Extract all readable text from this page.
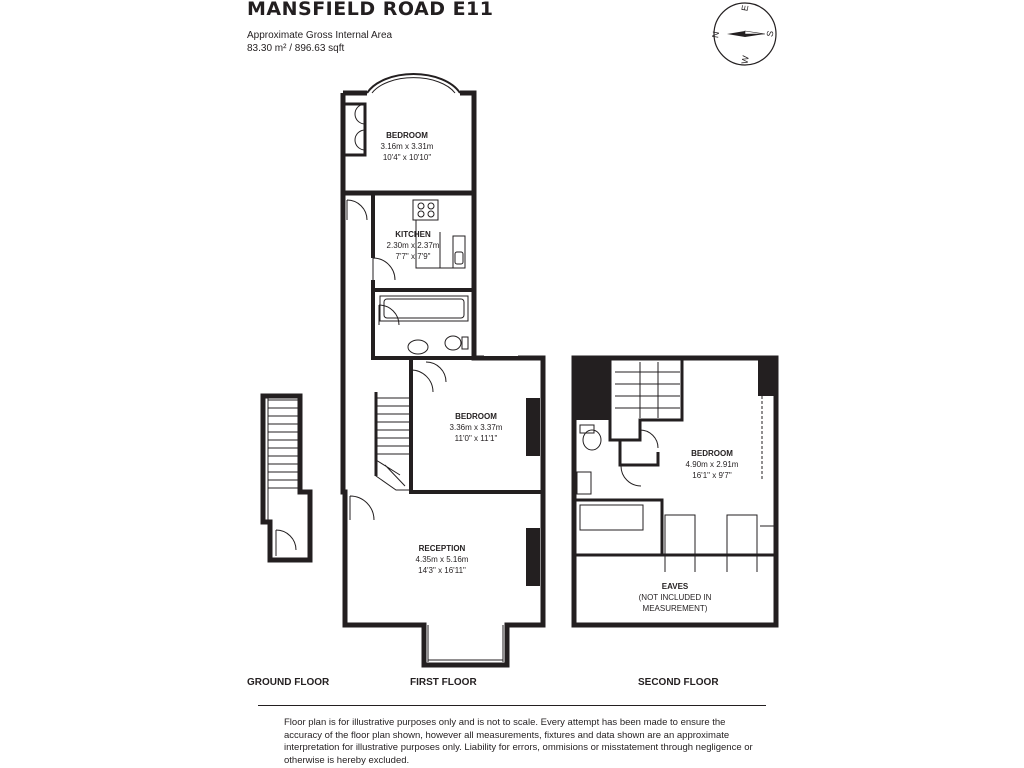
MANSFIELD ROAD E11
Approximate Gross Internal Area
83.30 m² / 896.63 sqft
N
E
S
W
BEDROOM
3.16m x 3.31m
10'4" x 10'10"
KITCHEN
2.30m x 2.37m
7'7" x 7'9"
BEDROOM
3.36m x 3.37m
11'0" x 11'1"
RECEPTION
4.35m x 5.16m
14'3" x 16'11"
BEDROOM
4.90m x 2.91m
16'1" x 9'7"
EAVES
(NOT INCLUDED IN
MEASUREMENT)
GROUND FLOOR	FIRST FLOOR	SECOND FLOOR
Floor plan is for illustrative purposes only and is not to scale. Every attempt has been made to ensure the accuracy of the floor plan shown, however all measurements, fixtures and data shown are an approximate interpretation for illustrative purposes only. Liability for errors, ommisions or misstatement through negligence or otherwise is hereby excluded.
